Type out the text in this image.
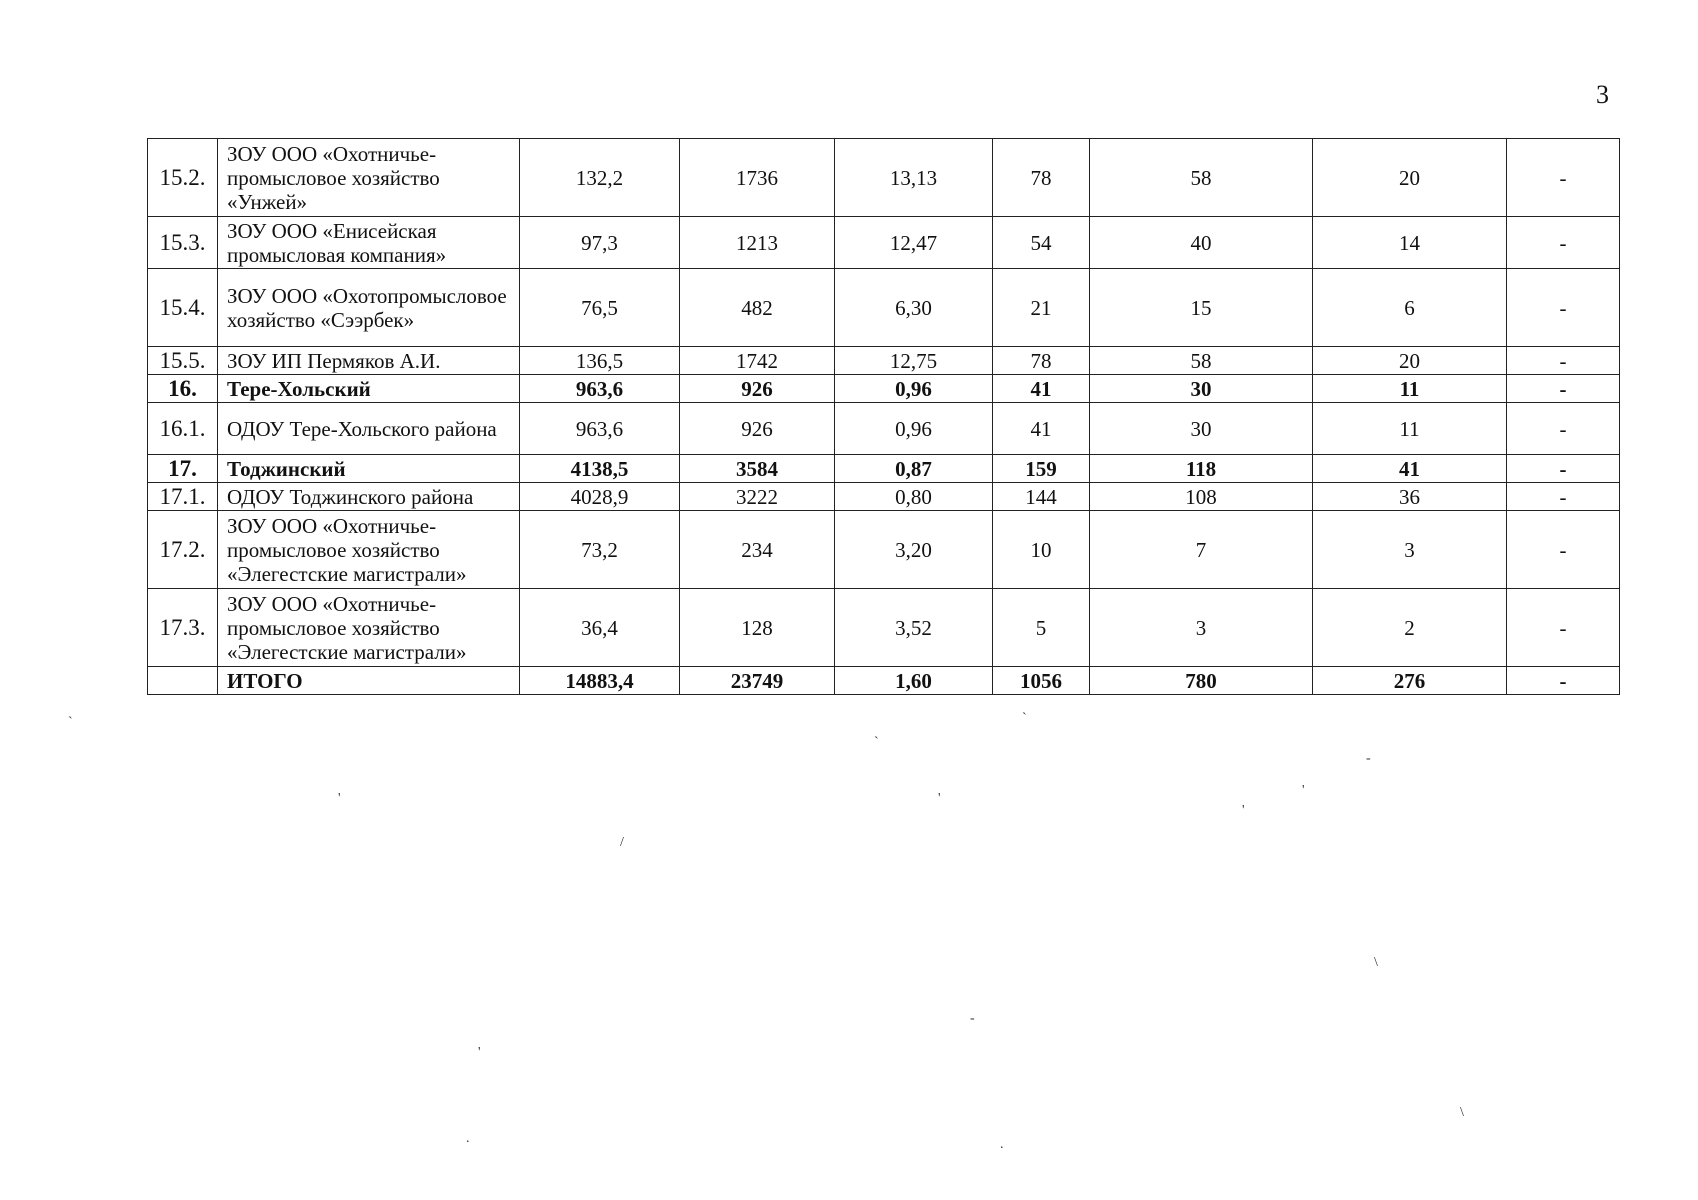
3
15.2.	ЗОУ ООО «Охотничье-промысловое хозяйство «Унжей»	132,2	1736	13,13	78	58	20	-
15.3.	ЗОУ ООО «Енисейская промысловая компания»	97,3	1213	12,47	54	40	14	-
15.4.	ЗОУ ООО «Охотопромысловое хозяйство «Сээрбек»	76,5	482	6,30	21	15	6	-
15.5.	ЗОУ ИП Пермяков А.И.	136,5	1742	12,75	78	58	20	-
16.	Тере-Хольский	963,6	926	0,96	41	30	11	-
16.1.	ОДОУ Тере-Хольского района	963,6	926	0,96	41	30	11	-
17.	Тоджинский	4138,5	3584	0,87	159	118	41	-
17.1.	ОДОУ Тоджинского района	4028,9	3222	0,80	144	108	36	-
17.2.	ЗОУ ООО «Охотничье-промысловое хозяйство «Элегестские магистрали»	73,2	234	3,20	10	7	3	-
17.3.	ЗОУ ООО «Охотничье-промысловое хозяйство «Элегестские магистрали»	36,4	128	3,52	5	3	2	-
	ИТОГО	14883,4	23749	1,60	1056	780	276	-
`
`
`
-
'	'
'
'
/
\
-
'
\
.	.
